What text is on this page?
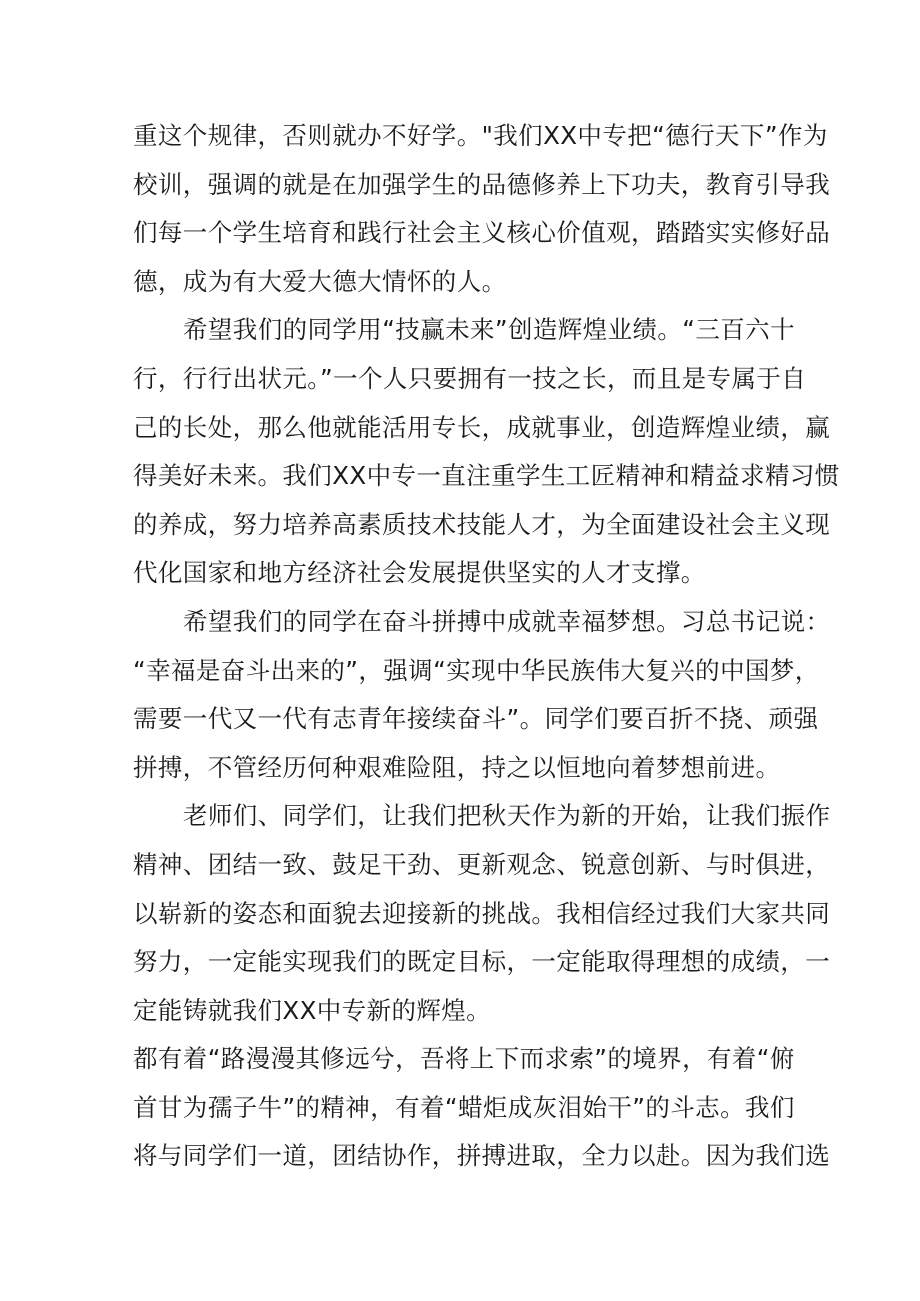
重这个规律，否则就办不好学。"我们XX中专把“德行天下”作为
校训，强调的就是在加强学生的品德修养上下功夫，教育引导我
们每一个学生培育和践行社会主义核心价值观，踏踏实实修好品
德，成为有大爱大德大情怀的人。
希望我们的同学用“技赢未来”创造辉煌业绩。“三百六十
行，行行出状元。”一个人只要拥有一技之长，而且是专属于自
己的长处，那么他就能活用专长，成就事业，创造辉煌业绩，赢
得美好未来。我们XX中专一直注重学生工匠精神和精益求精习惯
的养成，努力培养高素质技术技能人才，为全面建设社会主义现
代化国家和地方经济社会发展提供坚实的人才支撑。
希望我们的同学在奋斗拼搏中成就幸福梦想。习总书记说：
“幸福是奋斗出来的”，强调“实现中华民族伟大复兴的中国梦，
需要一代又一代有志青年接续奋斗”。同学们要百折不挠、顽强
拼搏，不管经历何种艰难险阻，持之以恒地向着梦想前进。
老师们、同学们，让我们把秋天作为新的开始，让我们振作
精神、团结一致、鼓足干劲、更新观念、锐意创新、与时俱进，
以崭新的姿态和面貌去迎接新的挑战。我相信经过我们大家共同
努力，一定能实现我们的既定目标，一定能取得理想的成绩，一
定能铸就我们XX中专新的辉煌。
都有着“路漫漫其修远兮，吾将上下而求索”的境界，有着“俯
首甘为孺子牛”的精神，有着“蜡炬成灰泪始干”的斗志。我们
将与同学们一道，团结协作，拼搏进取，全力以赴。因为我们选
